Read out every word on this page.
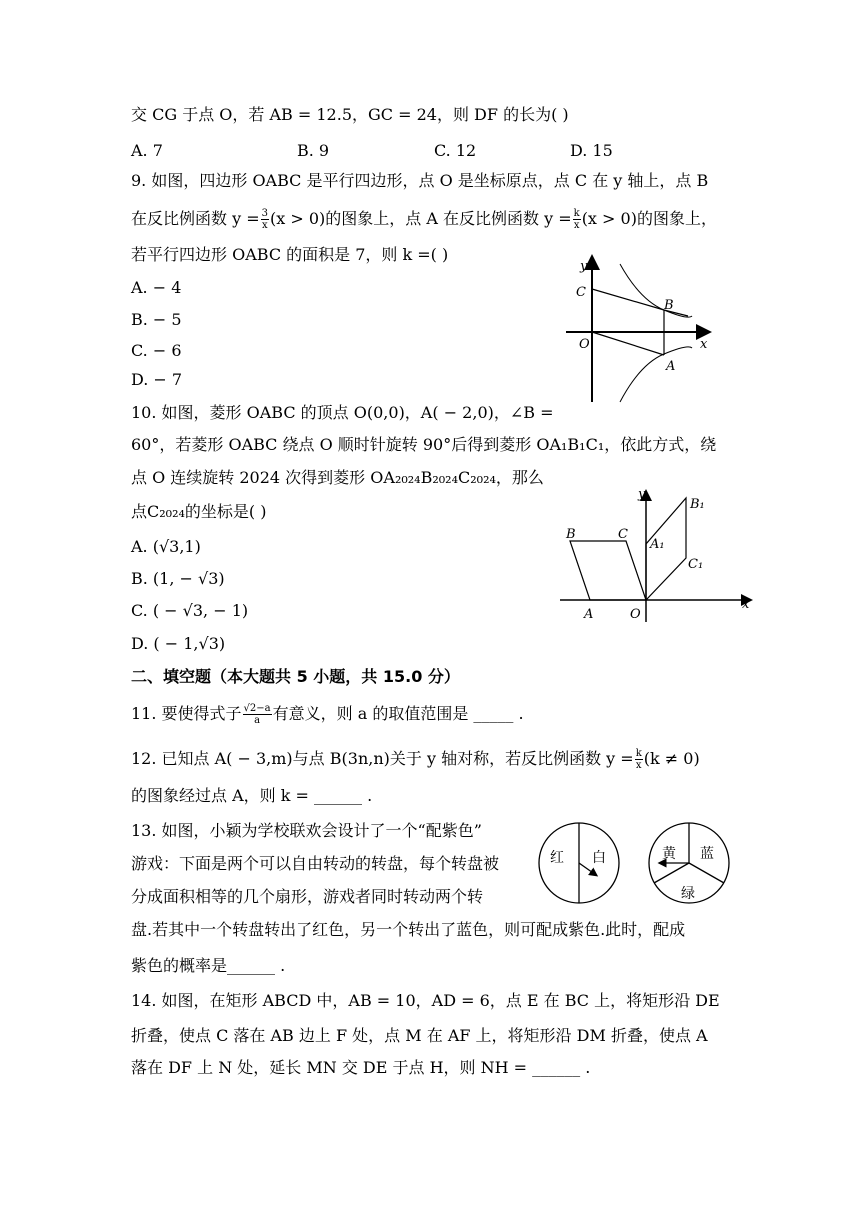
交 CG 于点 O，若 AB = 12.5，GC = 24，则 DF 的长为( )
A. 7	B. 9	C. 12	D. 15
9. 如图，四边形 OABC 是平行四边形，点 O 是坐标原点，点 C 在 y 轴上，点 B
在反比例函数 $y = \frac{3}{x} (x > 0)$的图象上，点 A 在反比例函数 $y = \frac{k}{x} (x > 0)$的图象上，
若平行四边形 OABC 的面积是 7，则 k =( )
A. − 4
B. − 5
C. − 6
D. − 7
y
C
B
O	x
A
10. 如图，菱形 OABC 的顶点 O(0,0)，A( − 2,0)，∠B =
60°，若菱形 OABC 绕点 O 顺时针旋转 90°后得到菱形 OA₁B₁C₁，依此方式，绕
点 O 连续旋转 2024 次得到菱形 OA₂₀₂₄B₂₀₂₄C₂₀₂₄，那么
点C₂₀₂₄的坐标是( )
A. (√3,1)
B. (1, − √3)
C. ( − √3, − 1)
D. ( − 1,√3)
y
B₁
B	C
A₁
C₁
A	O
x
二、填空题（本大题共 5 小题，共 15.0 分）
11. 要使得式子 $\frac{√2-a}{a}$ 有意义，则 a 的取值范围是 _____ .
12. 已知点 A( − 3,m)与点 B(3n,n)关于 y 轴对称，若反比例函数 $y = \frac{k}{x} (k \ne 0)$
的图象经过点 A，则 k = ______ .
13. 如图，小颖为学校联欢会设计了一个“配紫色”
游戏：下面是两个可以自由转动的转盘，每个转盘被
分成面积相等的几个扇形，游戏者同时转动两个转
盘.若其中一个转盘转出了红色，另一个转出了蓝色，则可配成紫色.此时，配成
紫色的概率是______ .
红 白	黄 蓝
绿
14. 如图，在矩形 ABCD 中，AB = 10，AD = 6，点 E 在 BC 上，将矩形沿 DE
折叠，使点 C 落在 AB 边上 F 处，点 M 在 AF 上，将矩形沿 DM 折叠，使点 A
落在 DF 上 N 处，延长 MN 交 DE 于点 H，则 NH = ______ .
